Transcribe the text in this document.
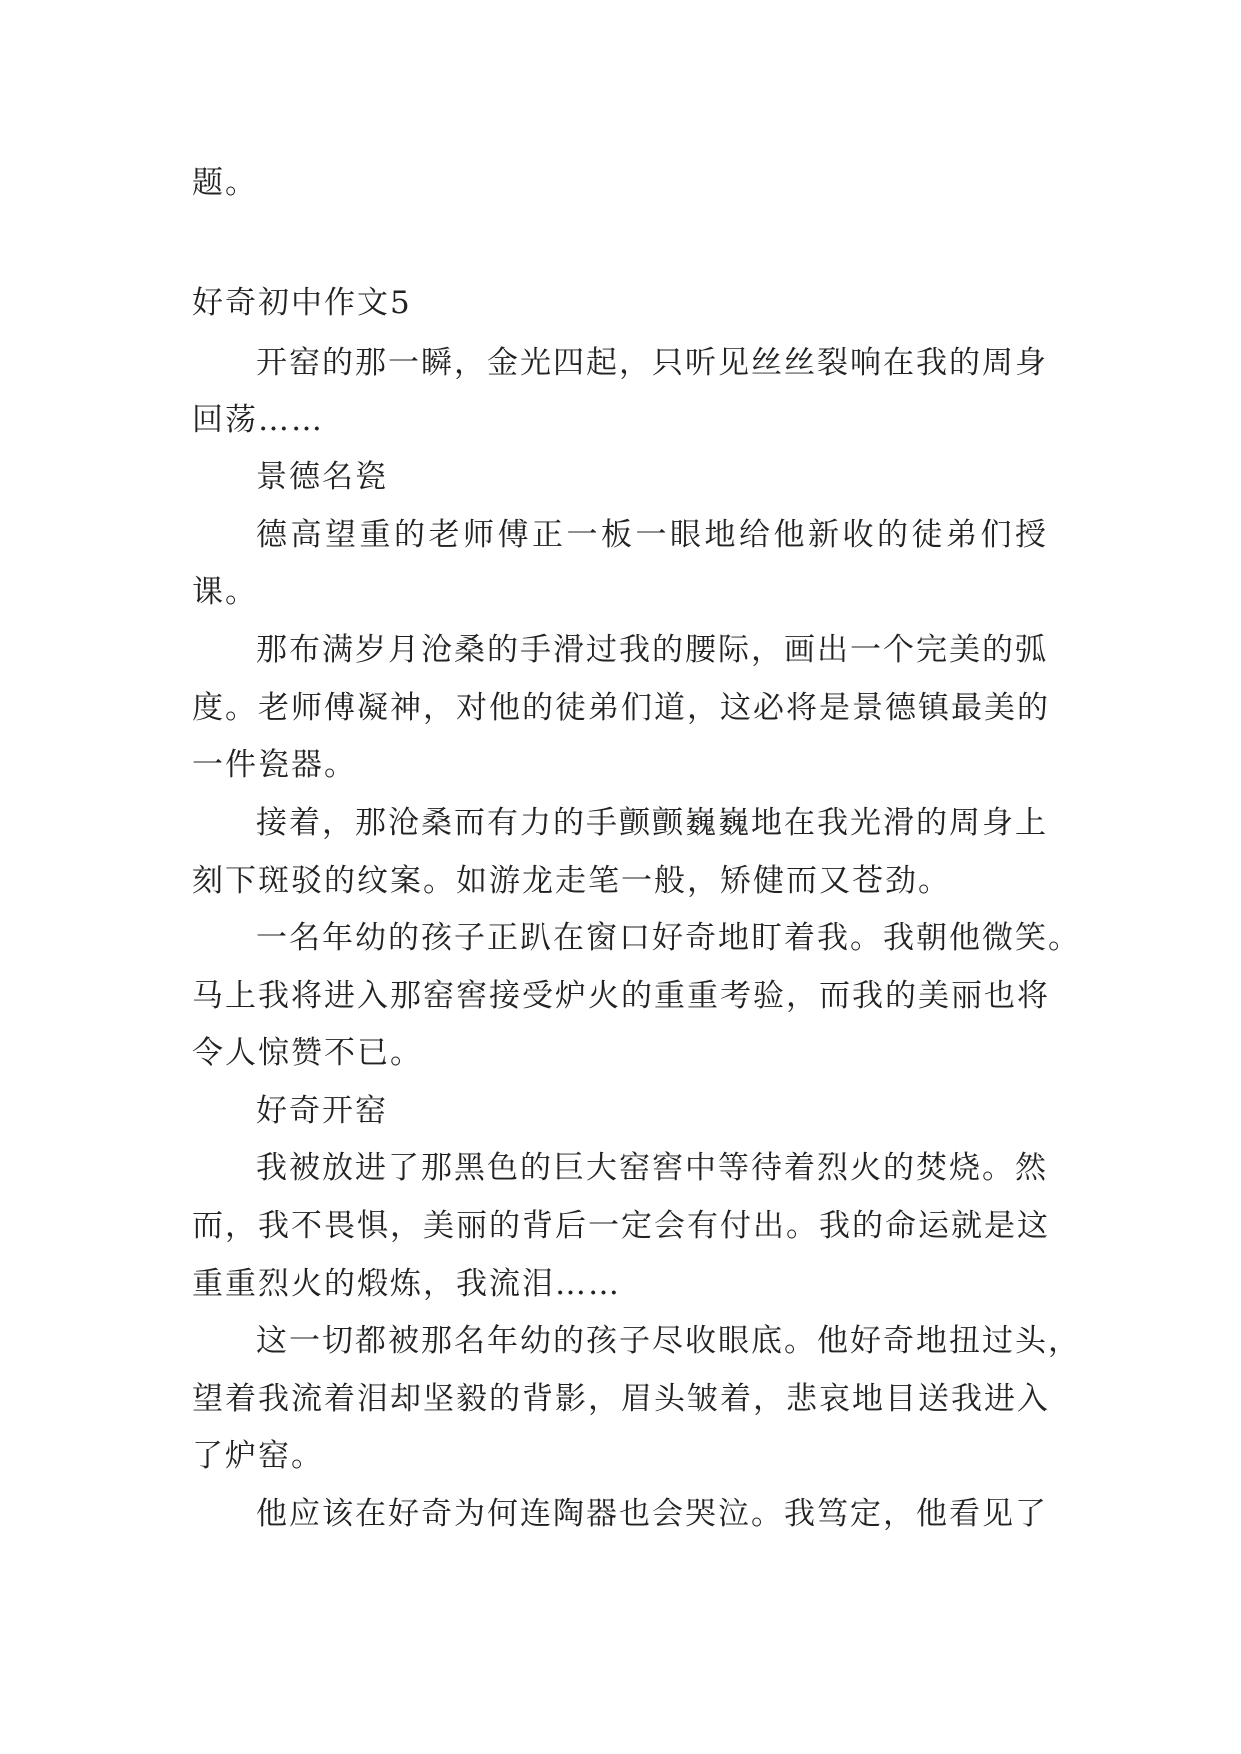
题。
好奇初中作文5
开窑的那一瞬，金光四起，只听见丝丝裂响在我的周身
回荡……
景德名瓷
德高望重的老师傅正一板一眼地给他新收的徒弟们授
课。
那布满岁月沧桑的手滑过我的腰际，画出一个完美的弧
度。老师傅凝神，对他的徒弟们道，这必将是景德镇最美的
一件瓷器。
接着，那沧桑而有力的手颤颤巍巍地在我光滑的周身上
刻下斑驳的纹案。如游龙走笔一般，矫健而又苍劲。
一名年幼的孩子正趴在窗口好奇地盯着我。我朝他微笑。
马上我将进入那窑窖接受炉火的重重考验，而我的美丽也将
令人惊赞不已。
好奇开窑
我被放进了那黑色的巨大窑窖中等待着烈火的焚烧。然
而，我不畏惧，美丽的背后一定会有付出。我的命运就是这
重重烈火的煅炼，我流泪……
这一切都被那名年幼的孩子尽收眼底。他好奇地扭过头，
望着我流着泪却坚毅的背影，眉头皱着，悲哀地目送我进入
了炉窑。
他应该在好奇为何连陶器也会哭泣。我笃定，他看见了
